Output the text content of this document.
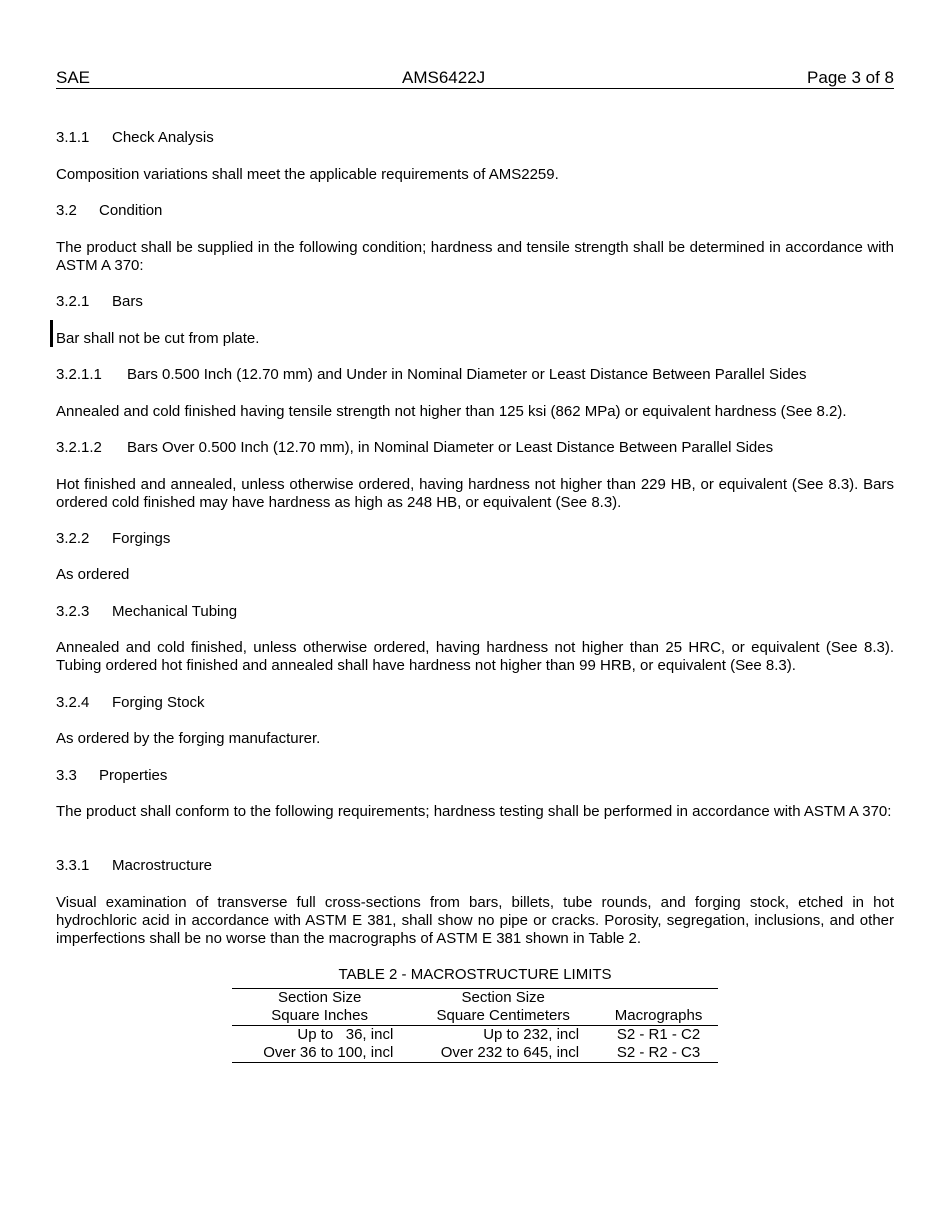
SAE	AMS6422J	Page 3 of 8
3.1.1 Check Analysis
Composition variations shall meet the applicable requirements of AMS2259.
3.2 Condition
The product shall be supplied in the following condition; hardness and tensile strength shall be determined in accordance with ASTM A 370:
3.2.1 Bars
Bar shall not be cut from plate.
3.2.1.1 Bars 0.500 Inch (12.70 mm) and Under in Nominal Diameter or Least Distance Between Parallel Sides
Annealed and cold finished having tensile strength not higher than 125 ksi (862 MPa) or equivalent hardness (See 8.2).
3.2.1.2 Bars Over 0.500 Inch (12.70 mm), in Nominal Diameter or Least Distance Between Parallel Sides
Hot finished and annealed, unless otherwise ordered, having hardness not higher than 229 HB, or equivalent (See 8.3). Bars ordered cold finished may have hardness as high as 248 HB, or equivalent (See 8.3).
3.2.2 Forgings
As ordered
3.2.3 Mechanical Tubing
Annealed and cold finished, unless otherwise ordered, having hardness not higher than 25 HRC, or equivalent (See 8.3). Tubing ordered hot finished and annealed shall have hardness not higher than 99 HRB, or equivalent (See 8.3).
3.2.4 Forging Stock
As ordered by the forging manufacturer.
3.3 Properties
The product shall conform to the following requirements; hardness testing shall be performed in accordance with ASTM A 370:
3.3.1 Macrostructure
Visual examination of transverse full cross-sections from bars, billets, tube rounds, and forging stock, etched in hot hydrochloric acid in accordance with ASTM E 381, shall show no pipe or cracks. Porosity, segregation, inclusions, and other imperfections shall be no worse than the macrographs of ASTM E 381 shown in Table 2.
TABLE 2 - MACROSTRUCTURE LIMITS
Section Size	Section Size	
Square Inches	Square Centimeters	Macrographs
Up to   36, incl	Up to 232, incl	S2 - R1 - C2
Over 36 to 100, incl	Over 232 to 645, incl	S2 - R2 - C3
